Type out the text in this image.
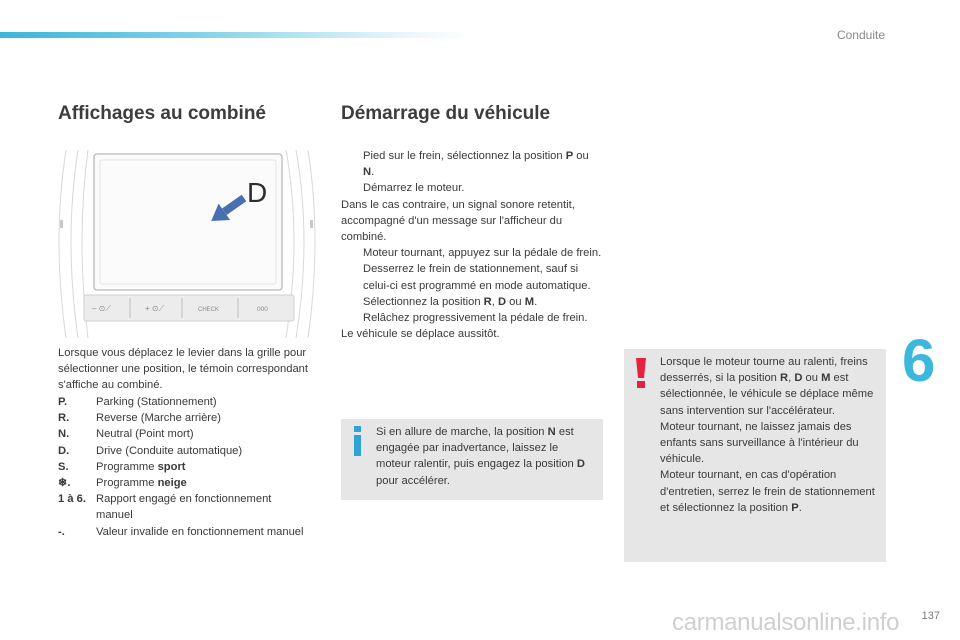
Conduite
Affichages au combiné	Démarrage du véhicule
D
‒ ⊙⟋	+ ⊙⟋	CHECK	000

Lorsque vous déplacez le levier dans la grille pour sélectionner une position, le témoin correspondant s'affiche au combiné.

P.	Parking (Stationnement)
R.	Reverse (Marche arrière)
N.	Neutral (Point mort)
D.	Drive (Conduite automatique)
S.	Programme sport
❄.	Programme neige
1 à 6. Rapport engagé en fonctionnement manuel
-.	Valeur invalide en fonctionnement manuel
Pied sur le frein, sélectionnez la position P ou N.
Démarrez le moteur.
Dans le cas contraire, un signal sonore retentit, accompagné d'un message sur l'afficheur du combiné.
Moteur tournant, appuyez sur la pédale de frein.
Desserrez le frein de stationnement, sauf si celui-ci est programmé en mode automatique.
Sélectionnez la position R, D ou M.
Relâchez progressivement la pédale de frein.
Le véhicule se déplace aussitôt.

Si en allure de marche, la position N est engagée par inadvertance, laissez le moteur ralentir, puis engagez la position D pour accélérer.

Lorsque le moteur tourne au ralenti, freins desserrés, si la position R, D ou M est sélectionnée, le véhicule se déplace même sans intervention sur l'accélérateur.
Moteur tournant, ne laissez jamais des enfants sans surveillance à l'intérieur du véhicule.
Moteur tournant, en cas d'opération d'entretien, serrez le frein de stationnement et sélectionnez la position P.
6
carmanualsonline.info 137
